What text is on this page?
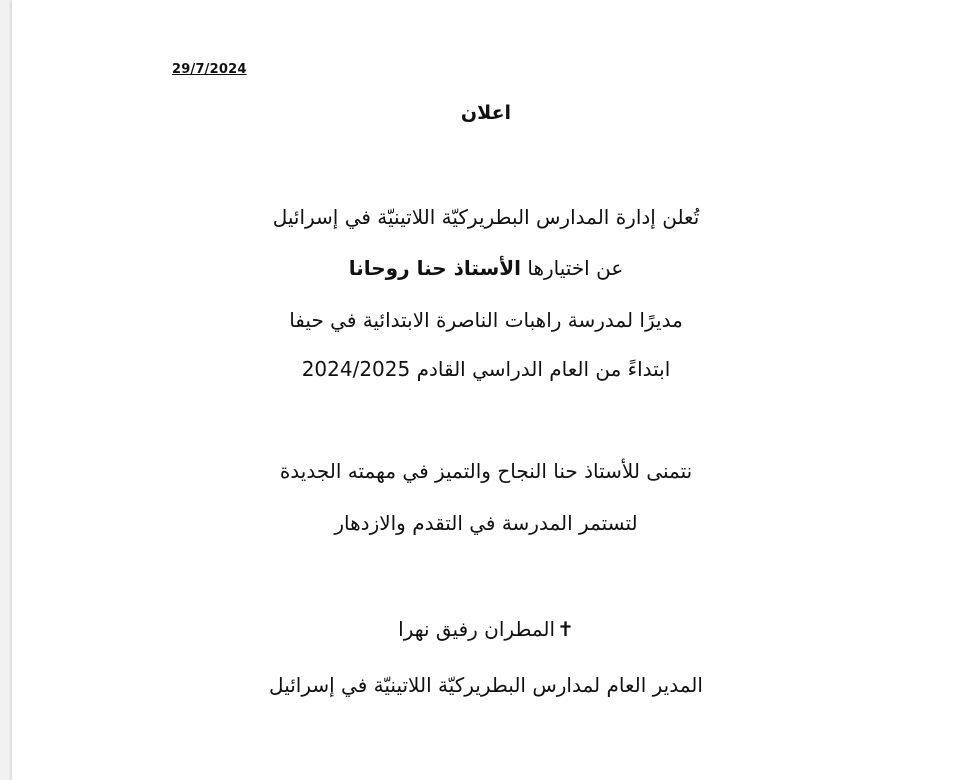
29/7/2024
اعلان
تُعلن إدارة المدارس البطريركيّة اللاتينيّة في إسرائيل
عن اختيارها الأستاذ حنا روحانا
مديرًا لمدرسة راهبات الناصرة الابتدائية في حيفا
ابتداءً من العام الدراسي القادم 2024/2025
نتمنى للأستاذ حنا النجاح والتميز في مهمته الجديدة
لتستمر المدرسة في التقدم والازدهار
✝المطران رفيق نهرا
المدير العام لمدارس البطريركيّة اللاتينيّة في إسرائيل
